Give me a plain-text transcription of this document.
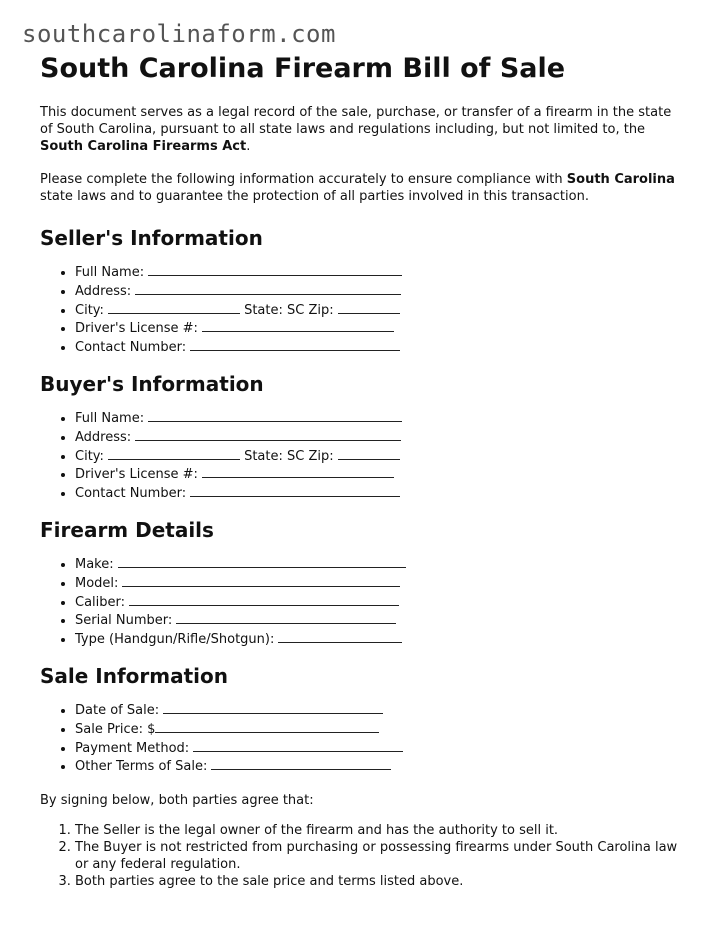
southcarolinaform.com
South Carolina Firearm Bill of Sale

This document serves as a legal record of the sale, purchase, or transfer of a firearm in the state of South Carolina, pursuant to all state laws and regulations including, but not limited to, the South Carolina Firearms Act.

Please complete the following information accurately to ensure compliance with South Carolina state laws and to guarantee the protection of all parties involved in this transaction.

Seller's Information
• Full Name:
• Address:
• City:	State: SC Zip:
• Driver's License #:
• Contact Number:
Buyer's Information
• Full Name:
• Address:
• City:	State: SC Zip:
• Driver's License #:
• Contact Number:
Firearm Details
• Make:
• Model:
• Caliber:
• Serial Number:
• Type (Handgun/Rifle/Shotgun):
Sale Information
• Date of Sale:
• Sale Price: $
• Payment Method:
• Other Terms of Sale:

By signing below, both parties agree that:

1. The Seller is the legal owner of the firearm and has the authority to sell it.
2. The Buyer is not restricted from purchasing or possessing firearms under South Carolina law or any federal regulation.
3. Both parties agree to the sale price and terms listed above.
